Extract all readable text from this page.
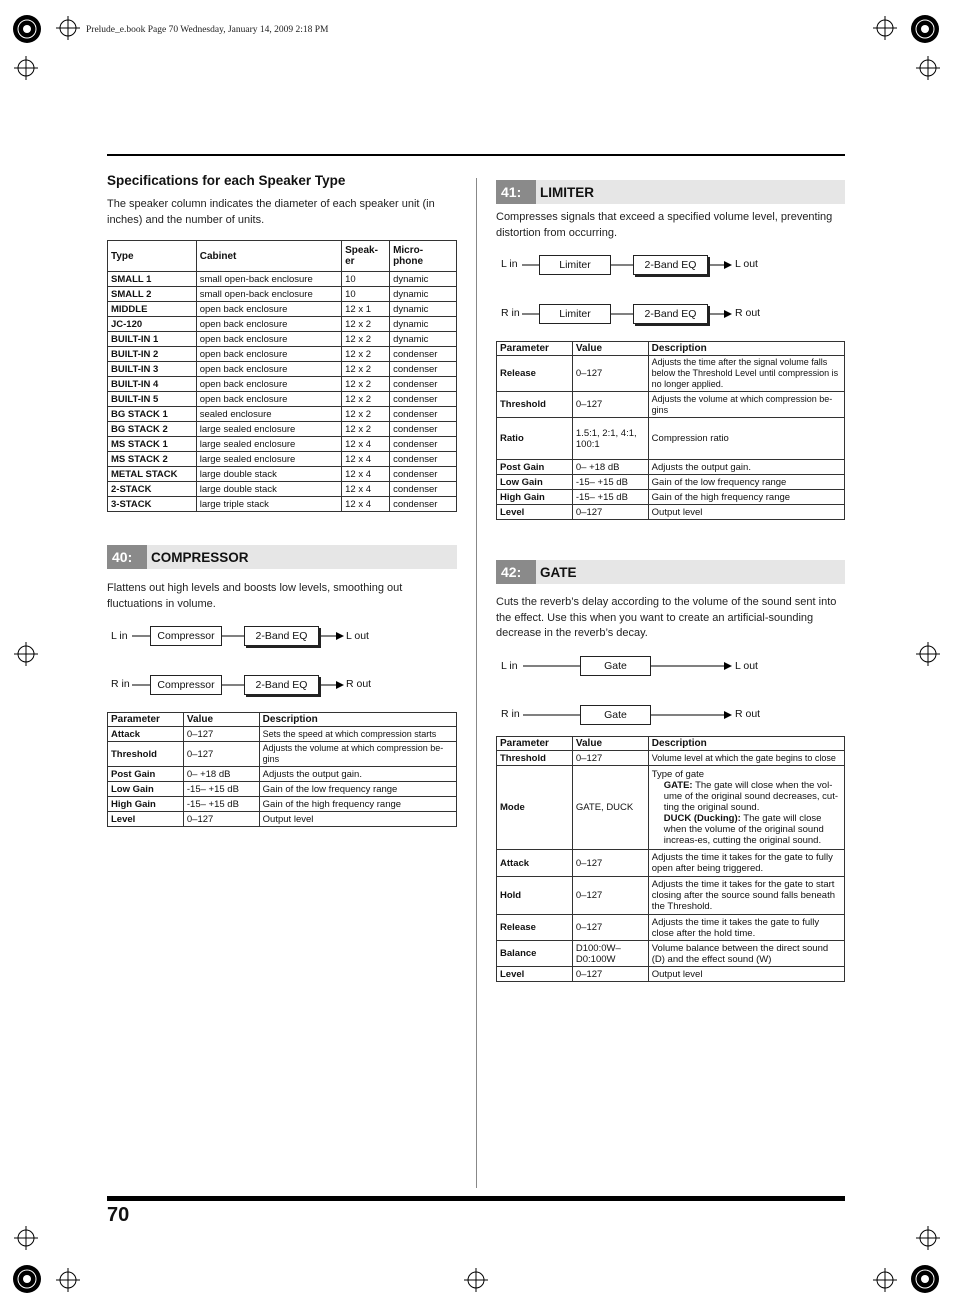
Prelude_e.book Page 70 Wednesday, January 14, 2009 2:18 PM
Specifications for each Speaker Type
The speaker column indicates the diameter of each speaker unit (in inches) and the number of units.
Type	Cabinet	Speak-er	Micro-phone
SMALL 1	small open-back enclosure	10	dynamic
SMALL 2	small open-back enclosure	10	dynamic
MIDDLE	open back enclosure	12 x 1	dynamic
JC-120	open back enclosure	12 x 2	dynamic
BUILT-IN 1	open back enclosure	12 x 2	dynamic
BUILT-IN 2	open back enclosure	12 x 2	condenser
BUILT-IN 3	open back enclosure	12 x 2	condenser
BUILT-IN 4	open back enclosure	12 x 2	condenser
BUILT-IN 5	open back enclosure	12 x 2	condenser
BG STACK 1	sealed enclosure	12 x 2	condenser
BG STACK 2	large sealed enclosure	12 x 2	condenser
MS STACK 1	large sealed enclosure	12 x 4	condenser
MS STACK 2	large sealed enclosure	12 x 4	condenser
METAL STACK	large double stack	12 x 4	condenser
2-STACK	large double stack	12 x 4	condenser
3-STACK	large triple stack	12 x 4	condenser
40:	COMPRESSOR
Flattens out high levels and boosts low levels, smoothing out fluctuations in volume.
L in	Compressor	2-Band EQ	L out
R in	Compressor	2-Band EQ	R out
Parameter	Value	Description
Attack	0–127	Sets the speed at which compression starts
Threshold	0–127	Adjusts the volume at which compression be-gins
Post Gain	0– +18 dB	Adjusts the output gain.
Low Gain	-15– +15 dB	Gain of the low frequency range
High Gain	-15– +15 dB	Gain of the high frequency range
Level	0–127	Output level
41:	LIMITER
Compresses signals that exceed a specified volume level, preventing distortion from occurring.
L in	Limiter	2-Band EQ	L out
R in	Limiter	2-Band EQ	R out
Parameter	Value	Description
Release	0–127	Adjusts the time after the signal volume falls below the Threshold Level until compression is no longer applied.
Threshold	0–127	Adjusts the volume at which compression be-gins
Ratio	1.5:1, 2:1, 4:1, 100:1	Compression ratio
Post Gain	0– +18 dB	Adjusts the output gain.
Low Gain	-15– +15 dB	Gain of the low frequency range
High Gain	-15– +15 dB	Gain of the high frequency range
Level	0–127	Output level
42:	GATE
Cuts the reverb’s delay according to the volume of the sound sent into the effect. Use this when you want to create an artificial-sounding decrease in the reverb’s decay.
L in	Gate	L out
R in	Gate	R out
Parameter	Value	Description
Threshold	0–127	Volume level at which the gate begins to close
Mode	GATE, DUCK	Type of gate
GATE: The gate will close when the vol-ume of the original sound decreases, cut-ting the original sound.
DUCK (Ducking): The gate will close when the volume of the original sound increas-es, cutting the original sound.

Attack	0–127	Adjusts the time it takes for the gate to fully open after being triggered.
Hold	0–127	Adjusts the time it takes for the gate to start closing after the source sound falls beneath the Threshold.
Release	0–127	Adjusts the time it takes the gate to fully close after the hold time.
Balance	D100:0W– D0:100W	Volume balance between the direct sound (D) and the effect sound (W)
Level	0–127	Output level
70
